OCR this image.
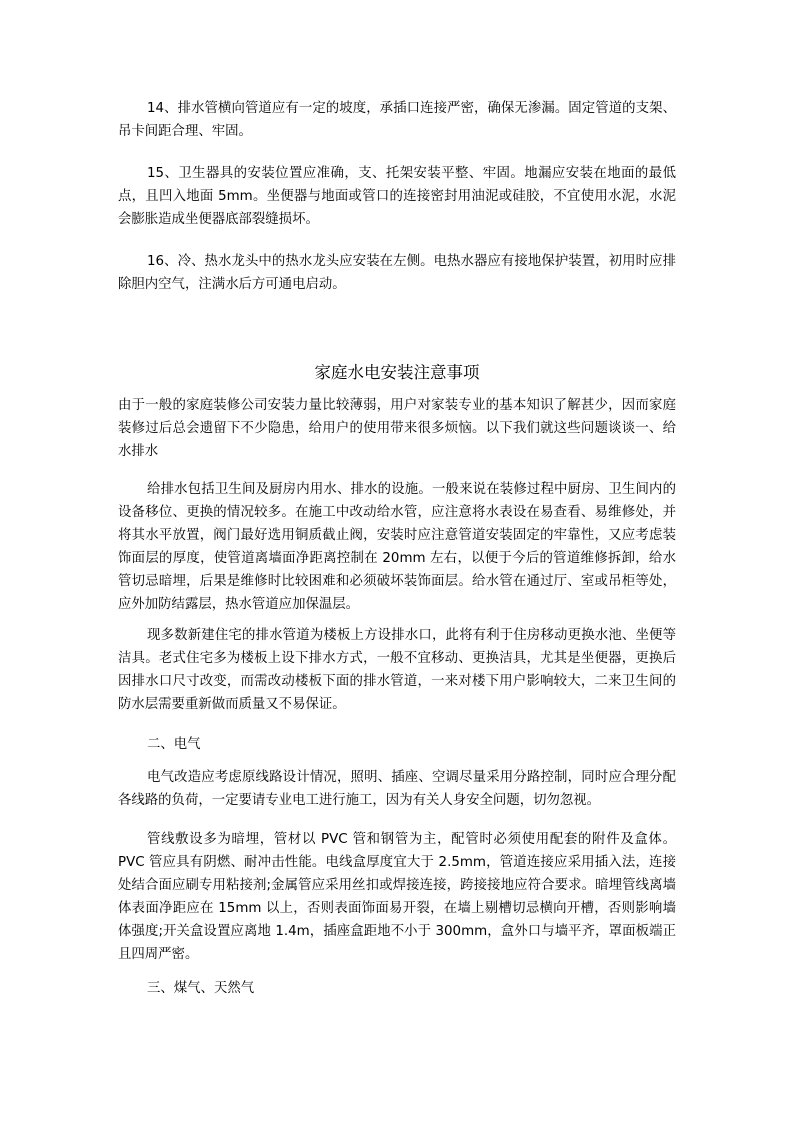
14、排水管横向管道应有一定的坡度，承插口连接严密，确保无渗漏。固定管道的支架、吊卡间距合理、牢固。

15、卫生器具的安装位置应准确，支、托架安装平整、牢固。地漏应安装在地面的最低点，且凹入地面 5mm。坐便器与地面或管口的连接密封用油泥或硅胶，不宜使用水泥，水泥会膨胀造成坐便器底部裂缝损坏。

16、冷、热水龙头中的热水龙头应安装在左侧。电热水器应有接地保护装置，初用时应排除胆内空气，注满水后方可通电启动。

家庭水电安装注意事项

由于一般的家庭装修公司安装力量比较薄弱，用户对家装专业的基本知识了解甚少，因而家庭装修过后总会遗留下不少隐患，给用户的使用带来很多烦恼。以下我们就这些问题谈谈一、给水排水

给排水包括卫生间及厨房内用水、排水的设施。一般来说在装修过程中厨房、卫生间内的设备移位、更换的情况较多。在施工中改动给水管，应注意将水表设在易查看、易维修处，并将其水平放置，阀门最好选用铜质截止阀，安装时应注意管道安装固定的牢靠性，又应考虑装饰面层的厚度，使管道离墙面净距离控制在 20mm 左右，以便于今后的管道维修拆卸，给水管切忌暗埋，后果是维修时比较困难和必须破坏装饰面层。给水管在通过厅、室或吊柜等处，应外加防结露层，热水管道应加保温层。

现多数新建住宅的排水管道为楼板上方设排水口，此将有利于住房移动更换水池、坐便等洁具。老式住宅多为楼板上设下排水方式，一般不宜移动、更换洁具，尤其是坐便器，更换后因排水口尺寸改变，而需改动楼板下面的排水管道，一来对楼下用户影响较大，二来卫生间的防水层需要重新做而质量又不易保证。

二、电气

电气改造应考虑原线路设计情况，照明、插座、空调尽量采用分路控制，同时应合理分配各线路的负荷，一定要请专业电工进行施工，因为有关人身安全问题，切勿忽视。

管线敷设多为暗埋，管材以 PVC 管和钢管为主，配管时必须使用配套的附件及盒体。PVC 管应具有阴燃、耐冲击性能。电线盒厚度宜大于 2.5mm，管道连接应采用插入法，连接处结合面应刷专用粘接剂;金属管应采用丝扣或焊接连接，跨接接地应符合要求。暗埋管线离墙体表面净距应在 15mm 以上，否则表面饰面易开裂，在墙上剔槽切忌横向开槽，否则影响墙体强度;开关盒设置应离地 1.4m，插座盒距地不小于 300mm，盒外口与墙平齐，罩面板端正且四周严密。

三、煤气、天然气
